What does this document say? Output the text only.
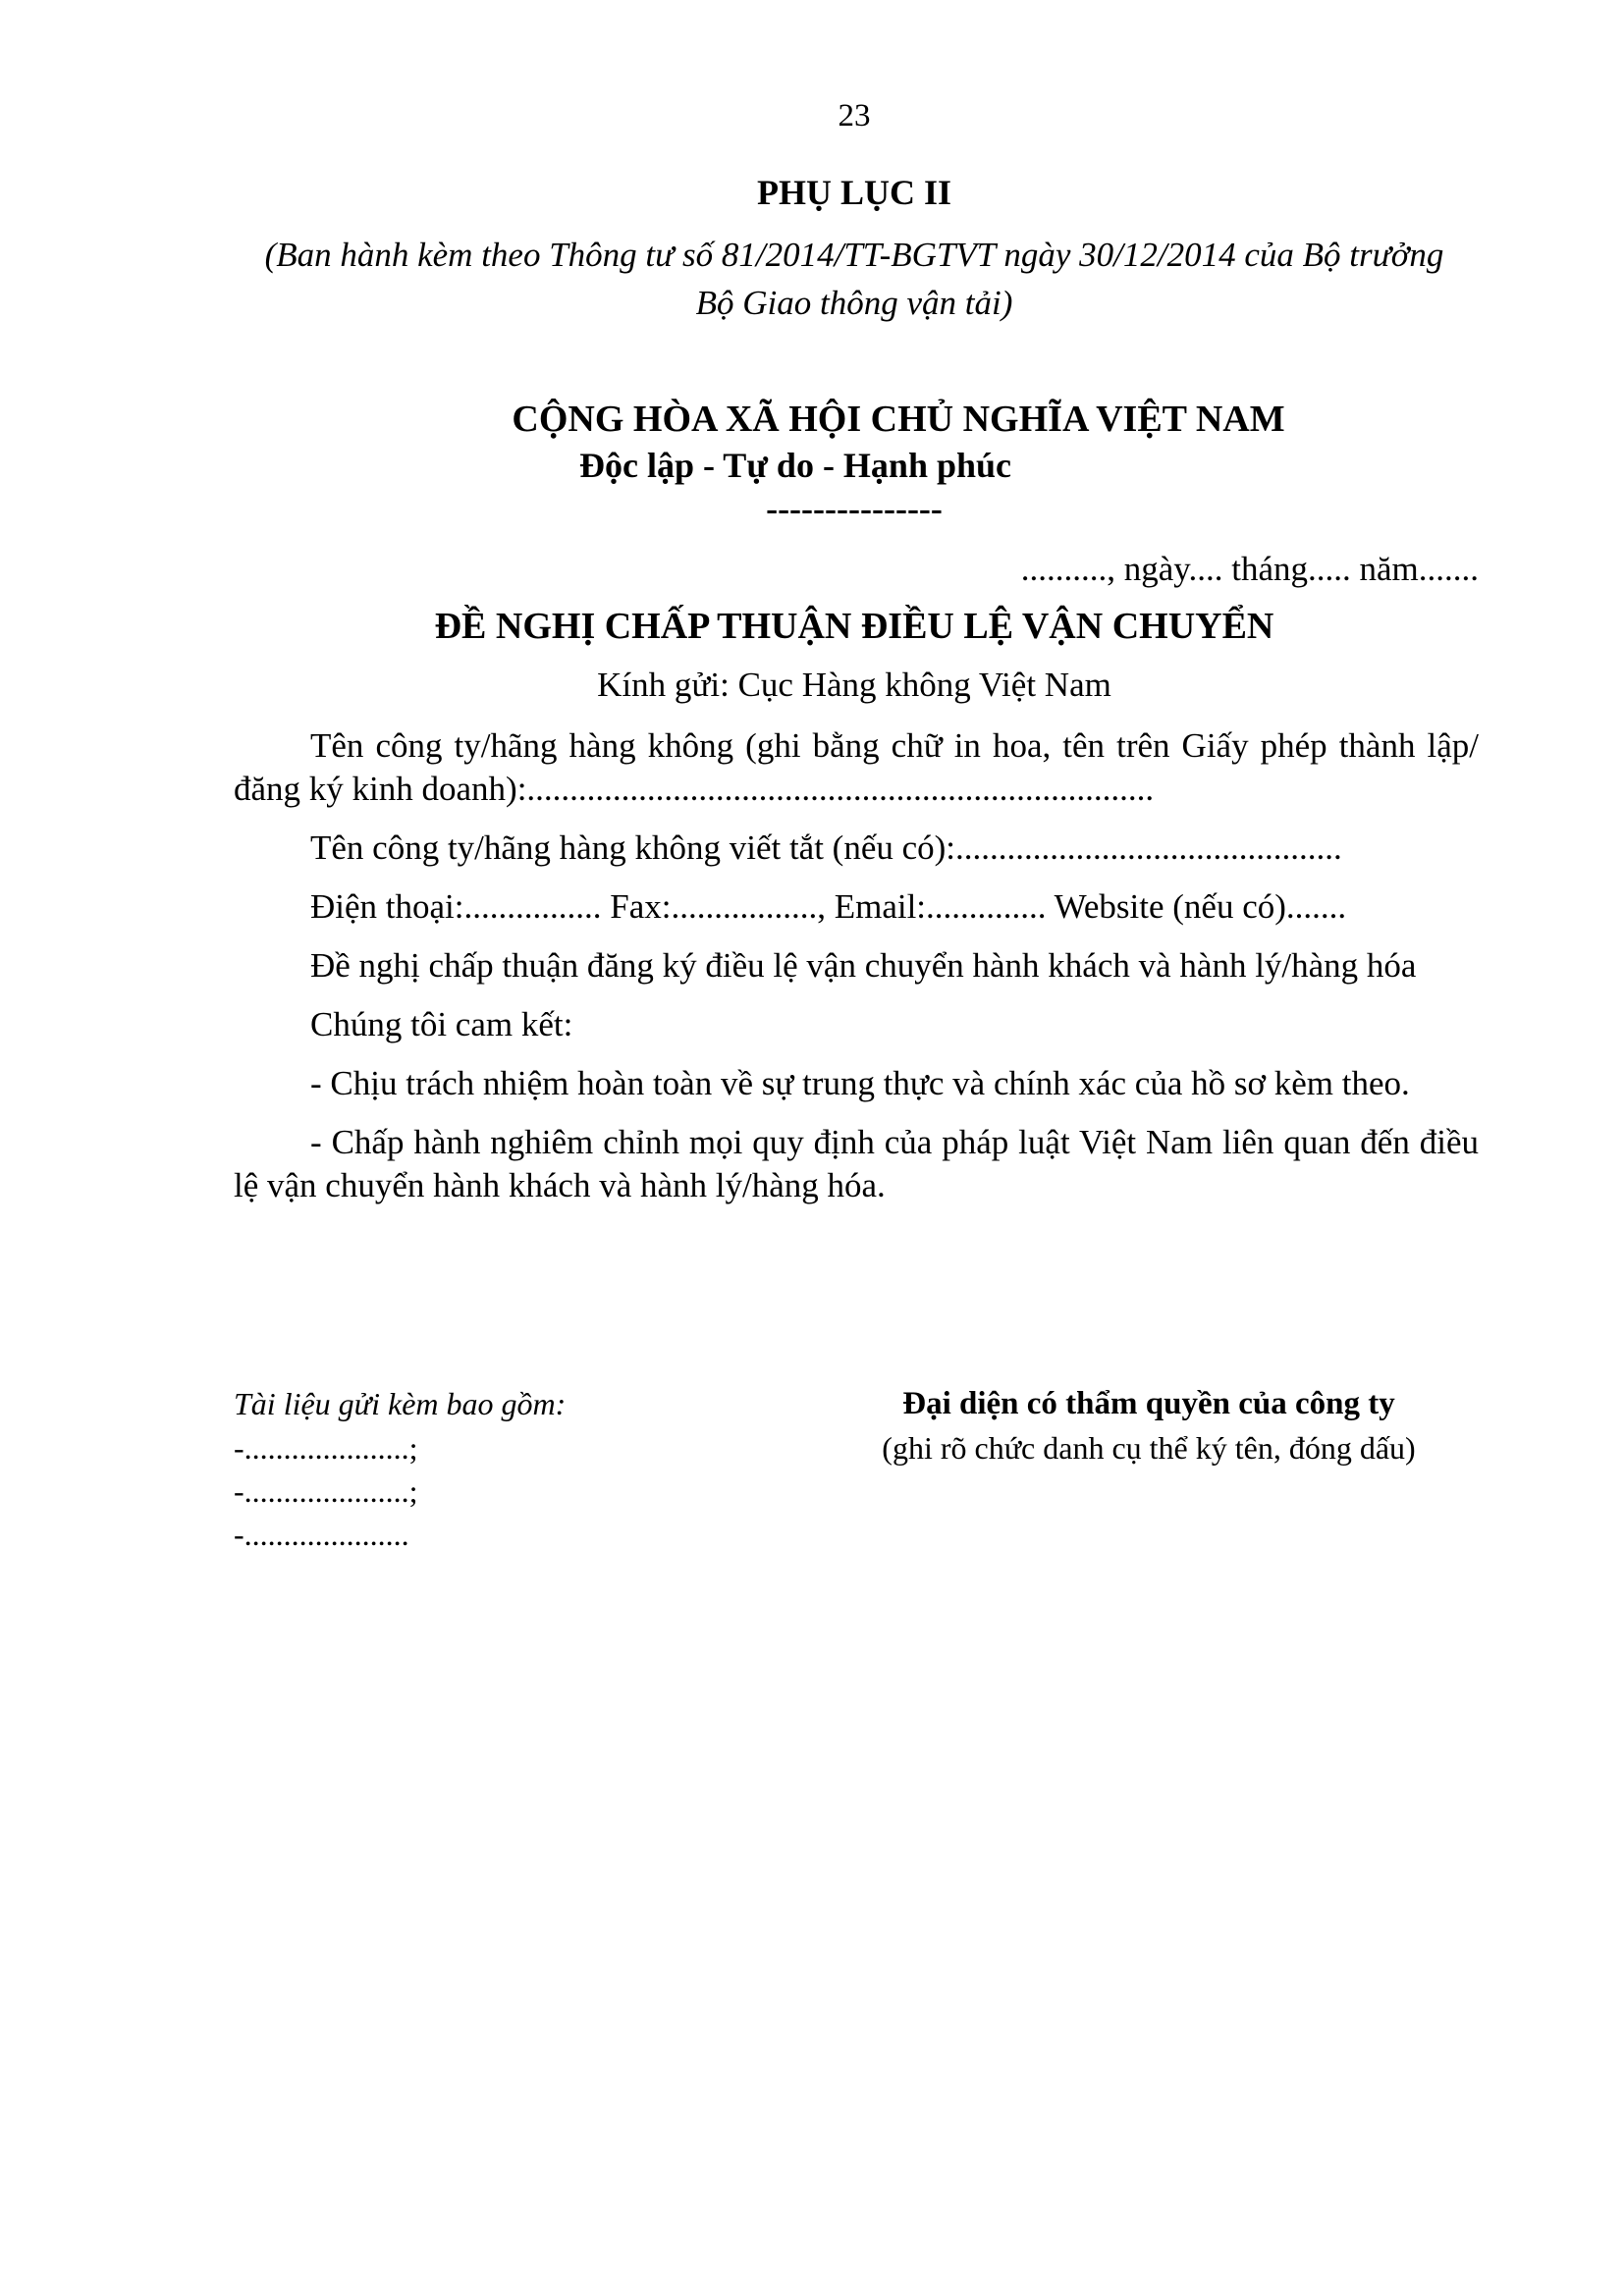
23
PHỤ LỤC II
(Ban hành kèm theo Thông tư số 81/2014/TT-BGTVT ngày 30/12/2014 của Bộ trưởng
Bộ Giao thông vận tải)
CỘNG HÒA XÃ HỘI CHỦ NGHĨA VIỆT NAM
Độc lập - Tự do - Hạnh phúc
---------------
.........., ngày.... tháng..... năm.......
ĐỀ NGHỊ CHẤP THUẬN ĐIỀU LỆ VẬN CHUYỂN
Kính gửi: Cục Hàng không Việt Nam

Tên công ty/hãng hàng không (ghi bằng chữ in hoa, tên trên Giấy phép thành lập/đăng ký kinh doanh):.........................................................................

Tên công ty/hãng hàng không viết tắt (nếu có):.............................................

Điện thoại:................ Fax:................., Email:.............. Website (nếu có).......

Đề nghị chấp thuận đăng ký điều lệ vận chuyển hành khách và hành lý/hàng hóa

Chúng tôi cam kết:

- Chịu trách nhiệm hoàn toàn về sự trung thực và chính xác của hồ sơ kèm theo.

- Chấp hành nghiêm chỉnh mọi quy định của pháp luật Việt Nam liên quan đến điều lệ vận chuyển hành khách và hành lý/hàng hóa.

Tài liệu gửi kèm bao gồm:
-.....................;
-.....................;
-.....................
Đại diện có thẩm quyền của công ty
(ghi rõ chức danh cụ thể ký tên, đóng dấu)
